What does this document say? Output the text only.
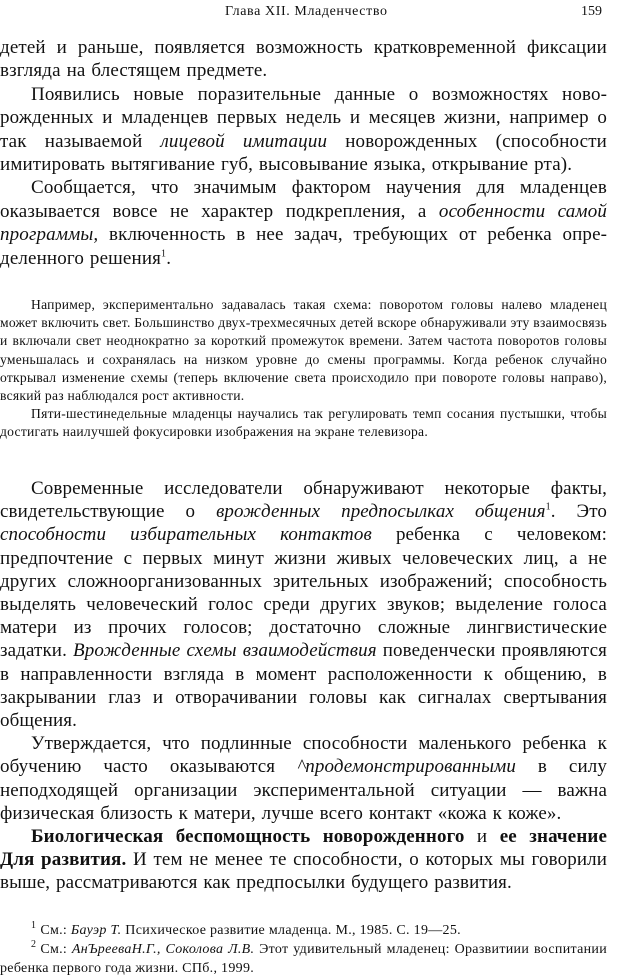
Глава XII. Младенчество	159

детей и раньше, появляется возможность кратковременной фиксации взгляда на блестящем предмете.

Появились новые поразительные данные о возможностях новорожденных и младенцев первых недель и месяцев жизни, например о так называемой лицевой имитации новорожденных (способности имитировать вытягивание губ, высовывание языка, открывание рта).

Сообщается, что значимым фактором научения для младенцев оказывается вовсе не характер подкрепления, а особенности самой программы, включенность в нее задач, требующих от ребенка определенного решения$^1$.

Например, экспериментально задавалась такая схема: поворотом головы налево младенец может включить свет. Большинство двух-трехмесячных детей вскоре обнаруживали эту взаимосвязь и включали свет неоднократно за короткий промежуток времени. Затем частота поворотов головы уменьшалась и сохранялась на низком уровне до смены программы. Когда ребенок случайно открывал изменение схемы (теперь включение света происходило при повороте головы направо), всякий раз наблюдался рост активности.

Пяти-шестинедельные младенцы научались так регулировать темп сосания пустышки, чтобы достигать наилучшей фокусировки изображения на экране телевизора.

Современные исследователи обнаруживают некоторые факты, свидетельствующие о врожденных предпосылках общения$^1$. Это способности избирательных контактов ребенка с человеком: предпочтение с первых минут жизни живых человеческих лиц, а не других сложноорганизованных зрительных изображений; способность выделять человеческий голос среди других звуков; выделение голоса матери из прочих голосов; достаточно сложные лингвистические задатки. Врожденные схемы взаимодействия поведенчески проявляются в направленности взгляда в момент расположенности к общению, в закрывании глаз и отворачивании головы как сигналах свертывания общения.

Утверждается, что подлинные способности маленького ребенка к обучению часто оказываются ^продемонстрированными в силу неподходящей организации экспериментальной ситуации — важна физическая близость к матери, лучше всего контакт «кожа к коже».

Биологическая беспомощность новорожденного и ее значение Для развития. И тем не менее те способности, о которых мы говорили выше, рассматриваются как предпосылки будущего развития.

$^1$ См.: Бауэр Т. Психическое развитие младенца. М., 1985. С. 19—25.

$^2$ См.: АнЪрееваН.Г., Соколова Л.В. Этот удивительный младенец: Оразвитиии воспитании ребенка первого года жизни. СПб., 1999.
